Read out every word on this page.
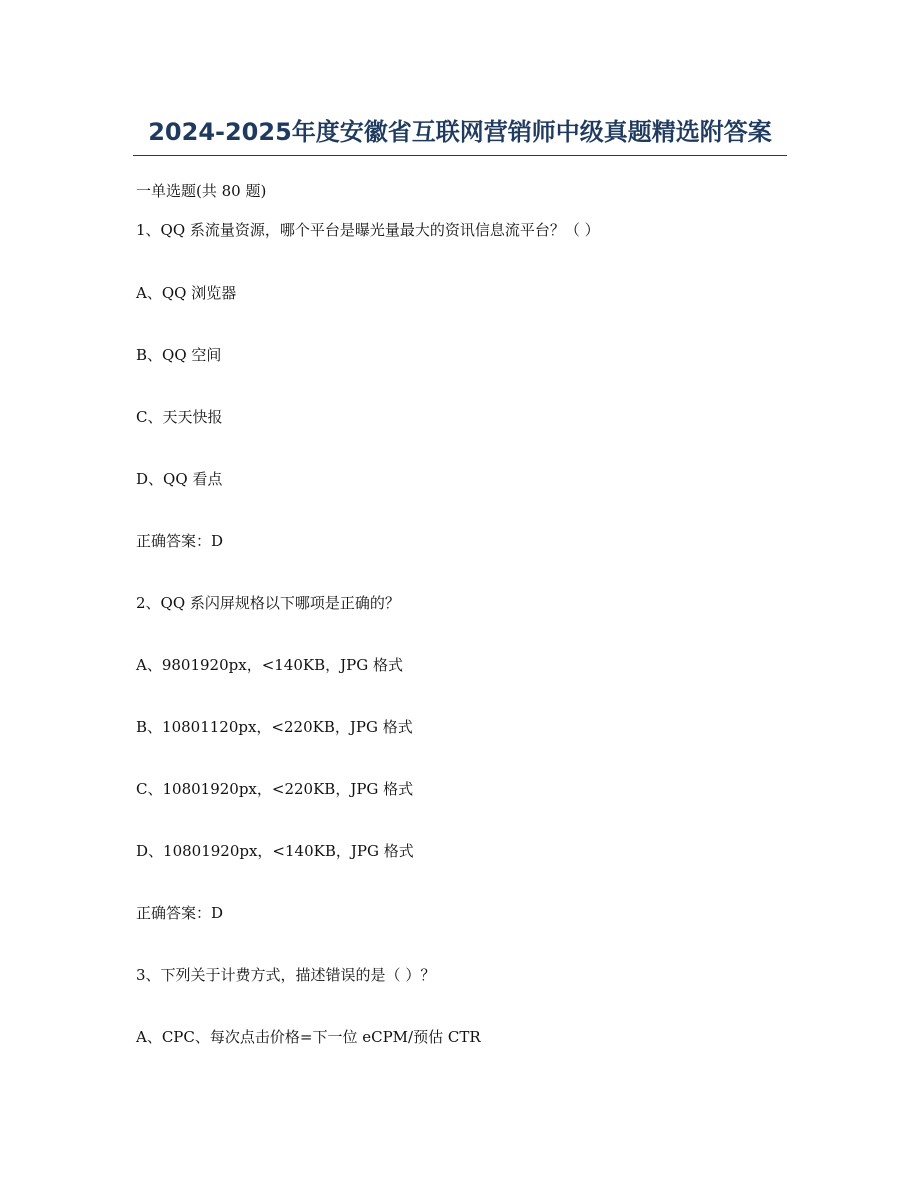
2024-2025年度安徽省互联网营销师中级真题精选附答案
一单选题(共 80 题)
1、QQ 系流量资源，哪个平台是曝光量最大的资讯信息流平台？（ ）
A、QQ 浏览器
B、QQ 空间
C、天天快报
D、QQ 看点
正确答案：D
2、QQ 系闪屏规格以下哪项是正确的？
A、9801920px，<140KB，JPG 格式
B、10801120px，<220KB，JPG 格式
C、10801920px，<220KB，JPG 格式
D、10801920px，<140KB，JPG 格式
正确答案：D
3、下列关于计费方式，描述错误的是（ ）？
A、CPC、每次点击价格=下一位 eCPM/预估 CTR
